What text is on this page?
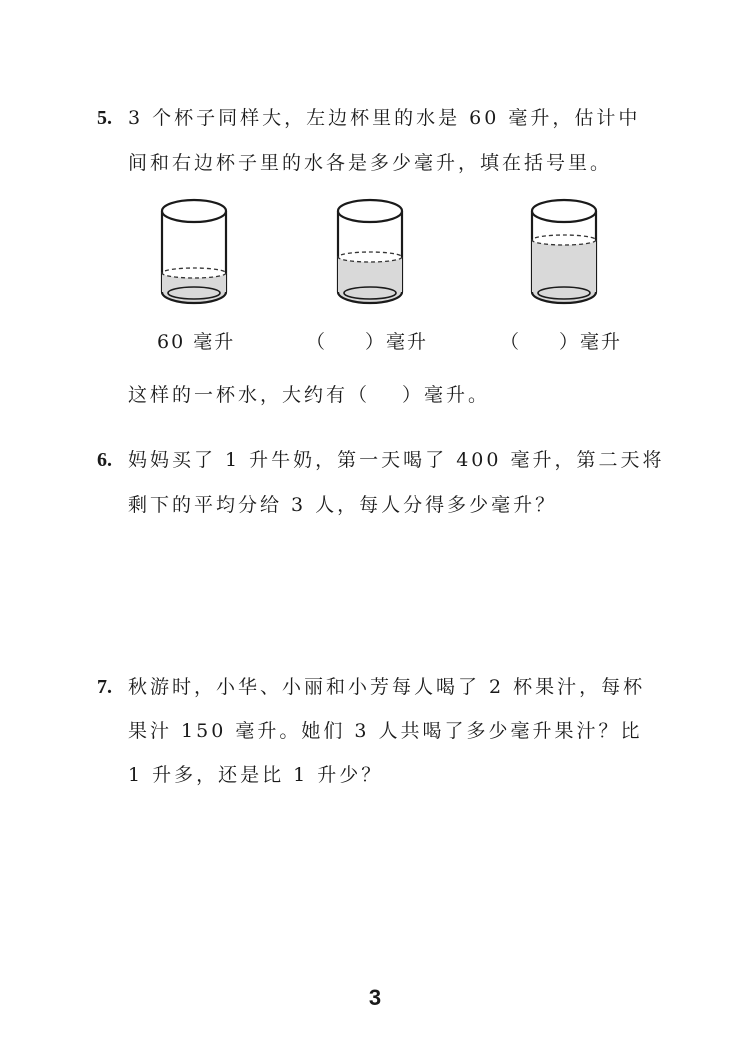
5. 3 个杯子同样大，左边杯里的水是 60 毫升，估计中
间和右边杯子里的水各是多少毫升，填在括号里。
60 毫升	（ ）毫升	（ ）毫升
这样的一杯水，大约有（ ）毫升。
6. 妈妈买了 1 升牛奶，第一天喝了 400 毫升，第二天将
剩下的平均分给 3 人，每人分得多少毫升？
7. 秋游时，小华、小丽和小芳每人喝了 2 杯果汁，每杯
果汁 150 毫升。她们 3 人共喝了多少毫升果汁？比
1 升多，还是比 1 升少？
3
